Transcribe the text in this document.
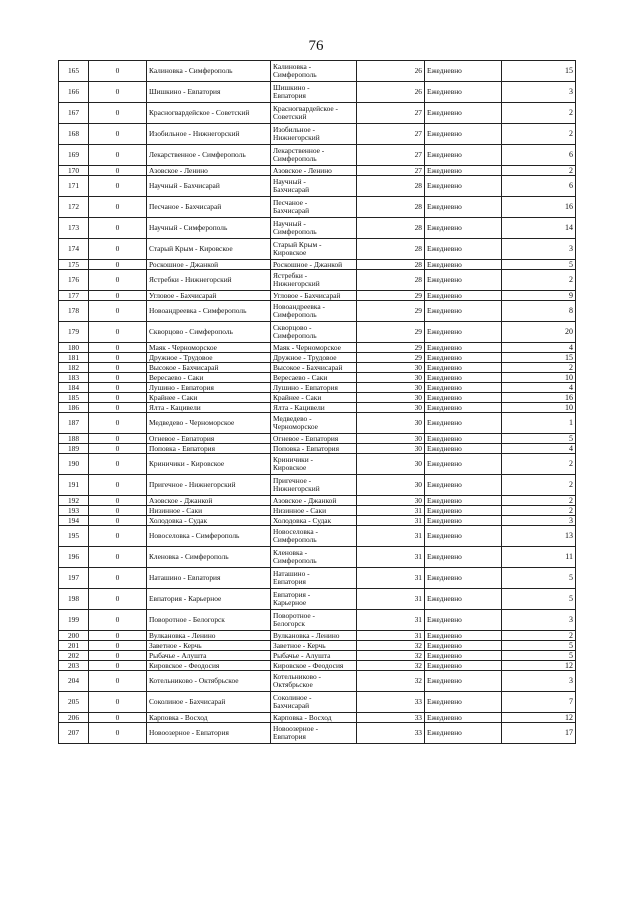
76
165	0	Калиновка - Симферополь	Калиновка -
Симферополь	26	Ежедневно	15
166	0	Шишкино - Евпатория	Шишкино -
Евпатория	26	Ежедневно	3
167	0	Красногвардейское - Советский	Красногвардейское -
Советский	27	Ежедневно	2
168	0	Изобильное - Нижнегорский	Изобильное -
Нижнегорский	27	Ежедневно	2
169	0	Лекарственное - Симферополь	Лекарственное -
Симферополь	27	Ежедневно	6
170	0	Азовское - Ленино	Азовское - Ленино	27	Ежедневно	2
171	0	Научный - Бахчисарай	Научный -
Бахчисарай	28	Ежедневно	6
172	0	Песчаное - Бахчисарай	Песчаное -
Бахчисарай	28	Ежедневно	16
173	0	Научный - Симферополь	Научный -
Симферополь	28	Ежедневно	14
174	0	Старый Крым - Кировское	Старый Крым -
Кировское	28	Ежедневно	3
175	0	Роскошное - Джанкой	Роскошное - Джанкой	28	Ежедневно	5
176	0	Ястребки - Нижнегорский	Ястребки -
Нижнегорский	28	Ежедневно	2
177	0	Угловое - Бахчисарай	Угловое - Бахчисарай	29	Ежедневно	9
178	0	Новоандреевка - Симферополь	Новоандреевка -
Симферополь	29	Ежедневно	8
179	0	Скворцово - Симферополь	Скворцово -
Симферополь	29	Ежедневно	20
180	0	Маяк - Черноморское	Маяк - Черноморское	29	Ежедневно	4
181	0	Дружное - Трудовое	Дружное - Трудовое	29	Ежедневно	15
182	0	Высокое - Бахчисарай	Высокое - Бахчисарай	30	Ежедневно	2
183	0	Вересаево - Саки	Вересаево - Саки	30	Ежедневно	10
184	0	Лушино - Евпатория	Лушино - Евпатория	30	Ежедневно	4
185	0	Крайнее - Саки	Крайнее - Саки	30	Ежедневно	16
186	0	Ялта - Кацивели	Ялта - Кацивели	30	Ежедневно	10
187	0	Медведево - Черноморское	Медведево -
Черноморское	30	Ежедневно	1
188	0	Огневое - Евпатория	Огневое - Евпатория	30	Ежедневно	5
189	0	Поповка - Евпатория	Поповка - Евпатория	30	Ежедневно	4
190	0	Криничики - Кировское	Криничики -
Кировское	30	Ежедневно	2
191	0	Пригечное - Нижнегорский	Пригечное -
Нижнегорский	30	Ежедневно	2
192	0	Азовское - Джанкой	Азовское - Джанкой	30	Ежедневно	2
193	0	Низинное - Саки	Низинное - Саки	31	Ежедневно	2
194	0	Холодовка - Судак	Холодовка - Судак	31	Ежедневно	3
195	0	Новоселовка - Симферополь	Новоселовка -
Симферополь	31	Ежедневно	13
196	0	Кленовка - Симферополь	Кленовка -
Симферополь	31	Ежедневно	11
197	0	Наташино - Евпатория	Наташино -
Евпатория	31	Ежедневно	5
198	0	Евпатория - Карьерное	Евпатория -
Карьерное	31	Ежедневно	5
199	0	Поворотное - Белогорск	Поворотное -
Белогорск	31	Ежедневно	3
200	0	Вулкановка - Ленино	Вулкановка - Ленино	31	Ежедневно	2
201	0	Заветное - Керчь	Заветное - Керчь	32	Ежедневно	5
202	0	Рыбачье - Алушта	Рыбачье - Алушта	32	Ежедневно	5
203	0	Кировское - Феодосия	Кировское - Феодосия	32	Ежедневно	12
204	0	Котельниково - Октябрьское	Котельниково -
Октябрьское	32	Ежедневно	3
205	0	Соколиное - Бахчисарай	Соколиное -
Бахчисарай	33	Ежедневно	7
206	0	Карповка - Восход	Карповка - Восход	33	Ежедневно	12
207	0	Новоозерное - Евпатория	Новоозерное -
Евпатория	33	Ежедневно	17
